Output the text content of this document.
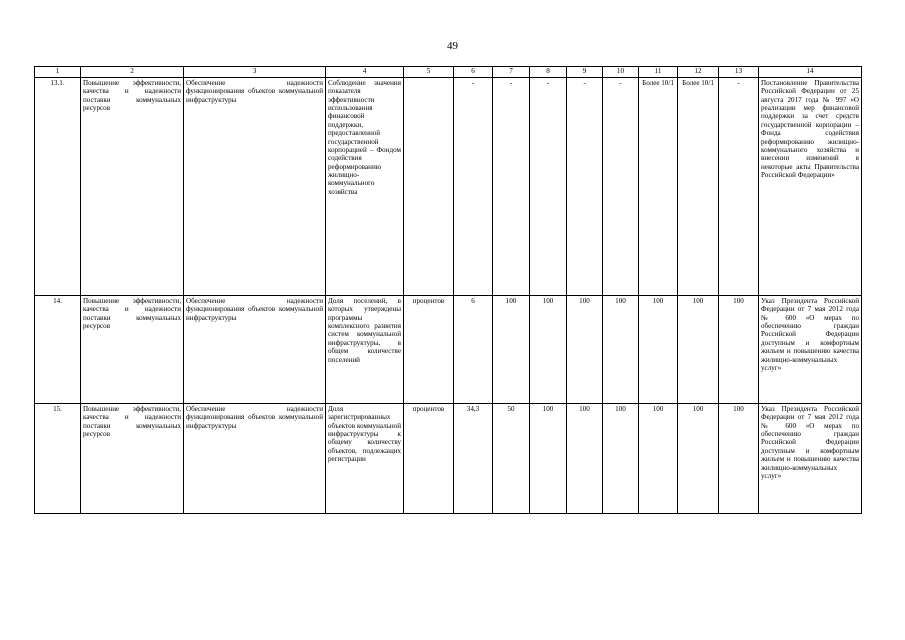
49
1	2	3	4	5	6	7	8	9	10	11	12	13	14
13.1.	Повышение эффективности, качества и надежности поставки коммунальных ресурсов	Обеспечение надежности функционирования объектов коммунальной инфраструктуры	Соблюдение значения показателя эффективности использования финансовой поддержки, предоставленной государственной корпорацией – Фондом содействия реформированию жилищно-коммунального хозяйства		-	-	-	-	-	Более 10/1	Более 10/1	-	Постановление Правительства Российской Федерации от 25 августа 2017 года № 997 «О реализации мер финансовой поддержки за счет средств государственной корпорации – Фонда содействия реформированию жилищно-коммунального хозяйства и внесении изменений в некоторые акты Правительства Российской Федерации»
14.	Повышение эффективности, качества и надежности поставки коммунальных ресурсов	Обеспечение надежности функционирования объектов коммунальной инфраструктуры	Доля поселений, в которых утверждены программы комплексного развития систем коммунальной инфраструктуры, в общем количестве поселений	процентов	6	100	100	100	100	100	100	100	Указ Президента Российской Федерации от 7 мая 2012 года № 600 «О мерах по обеспечению граждан Российской Федерации доступным и комфортным жильем и повышению качества жилищно-коммунальных услуг»
15.	Повышение эффективности, качества и надежности поставки коммунальных ресурсов	Обеспечение надежности функционирования объектов коммунальной инфраструктуры	Доля зарегистрированных объектов коммунальной инфраструктуры к общему количеству объектов, подлежащих регистрации	процентов	34,3	50	100	100	100	100	100	100	Указ Президента Российской Федерации от 7 мая 2012 года № 600 «О мерах по обеспечению граждан Российской Федерации доступным и комфортным жильем и повышению качества жилищно-коммунальных услуг»
